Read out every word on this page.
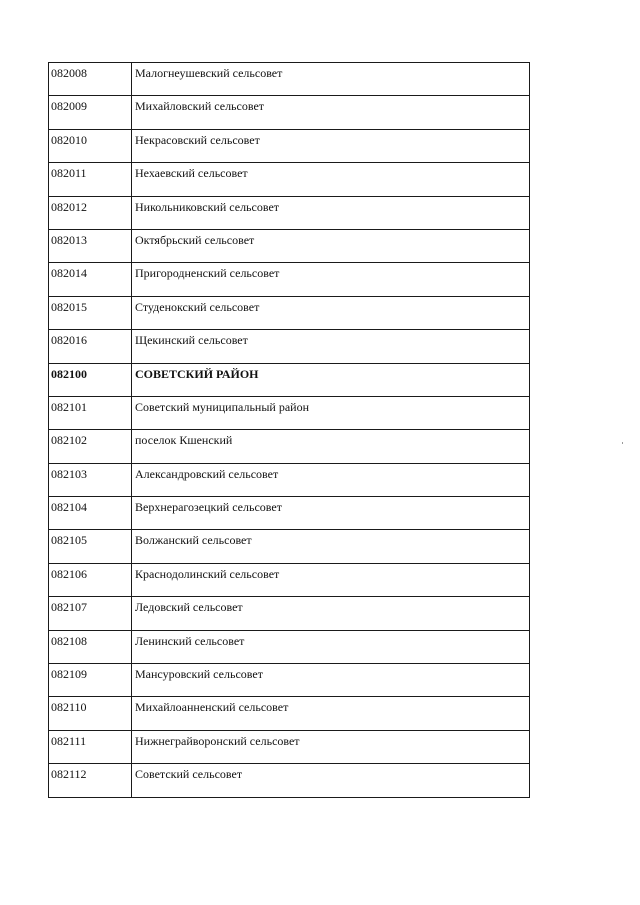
082008	Малогнеушевский сельсовет
082009	Михайловский сельсовет
082010	Некрасовский сельсовет
082011	Нехаевский сельсовет
082012	Никольниковский сельсовет
082013	Октябрьский сельсовет
082014	Пригородненский сельсовет
082015	Студенокский сельсовет
082016	Щекинский сельсовет
082100	СОВЕТСКИЙ РАЙОН
082101	Советский муниципальный район
082102	поселок Кшенский
082103	Александровский сельсовет
082104	Верхнерагозецкий сельсовет
082105	Волжанский сельсовет
082106	Краснодолинский сельсовет
082107	Ледовский сельсовет
082108	Ленинский сельсовет
082109	Мансуровский сельсовет
082110	Михайлоанненский сельсовет
082111	Нижнеграйворонский сельсовет
082112	Советский сельсовет
